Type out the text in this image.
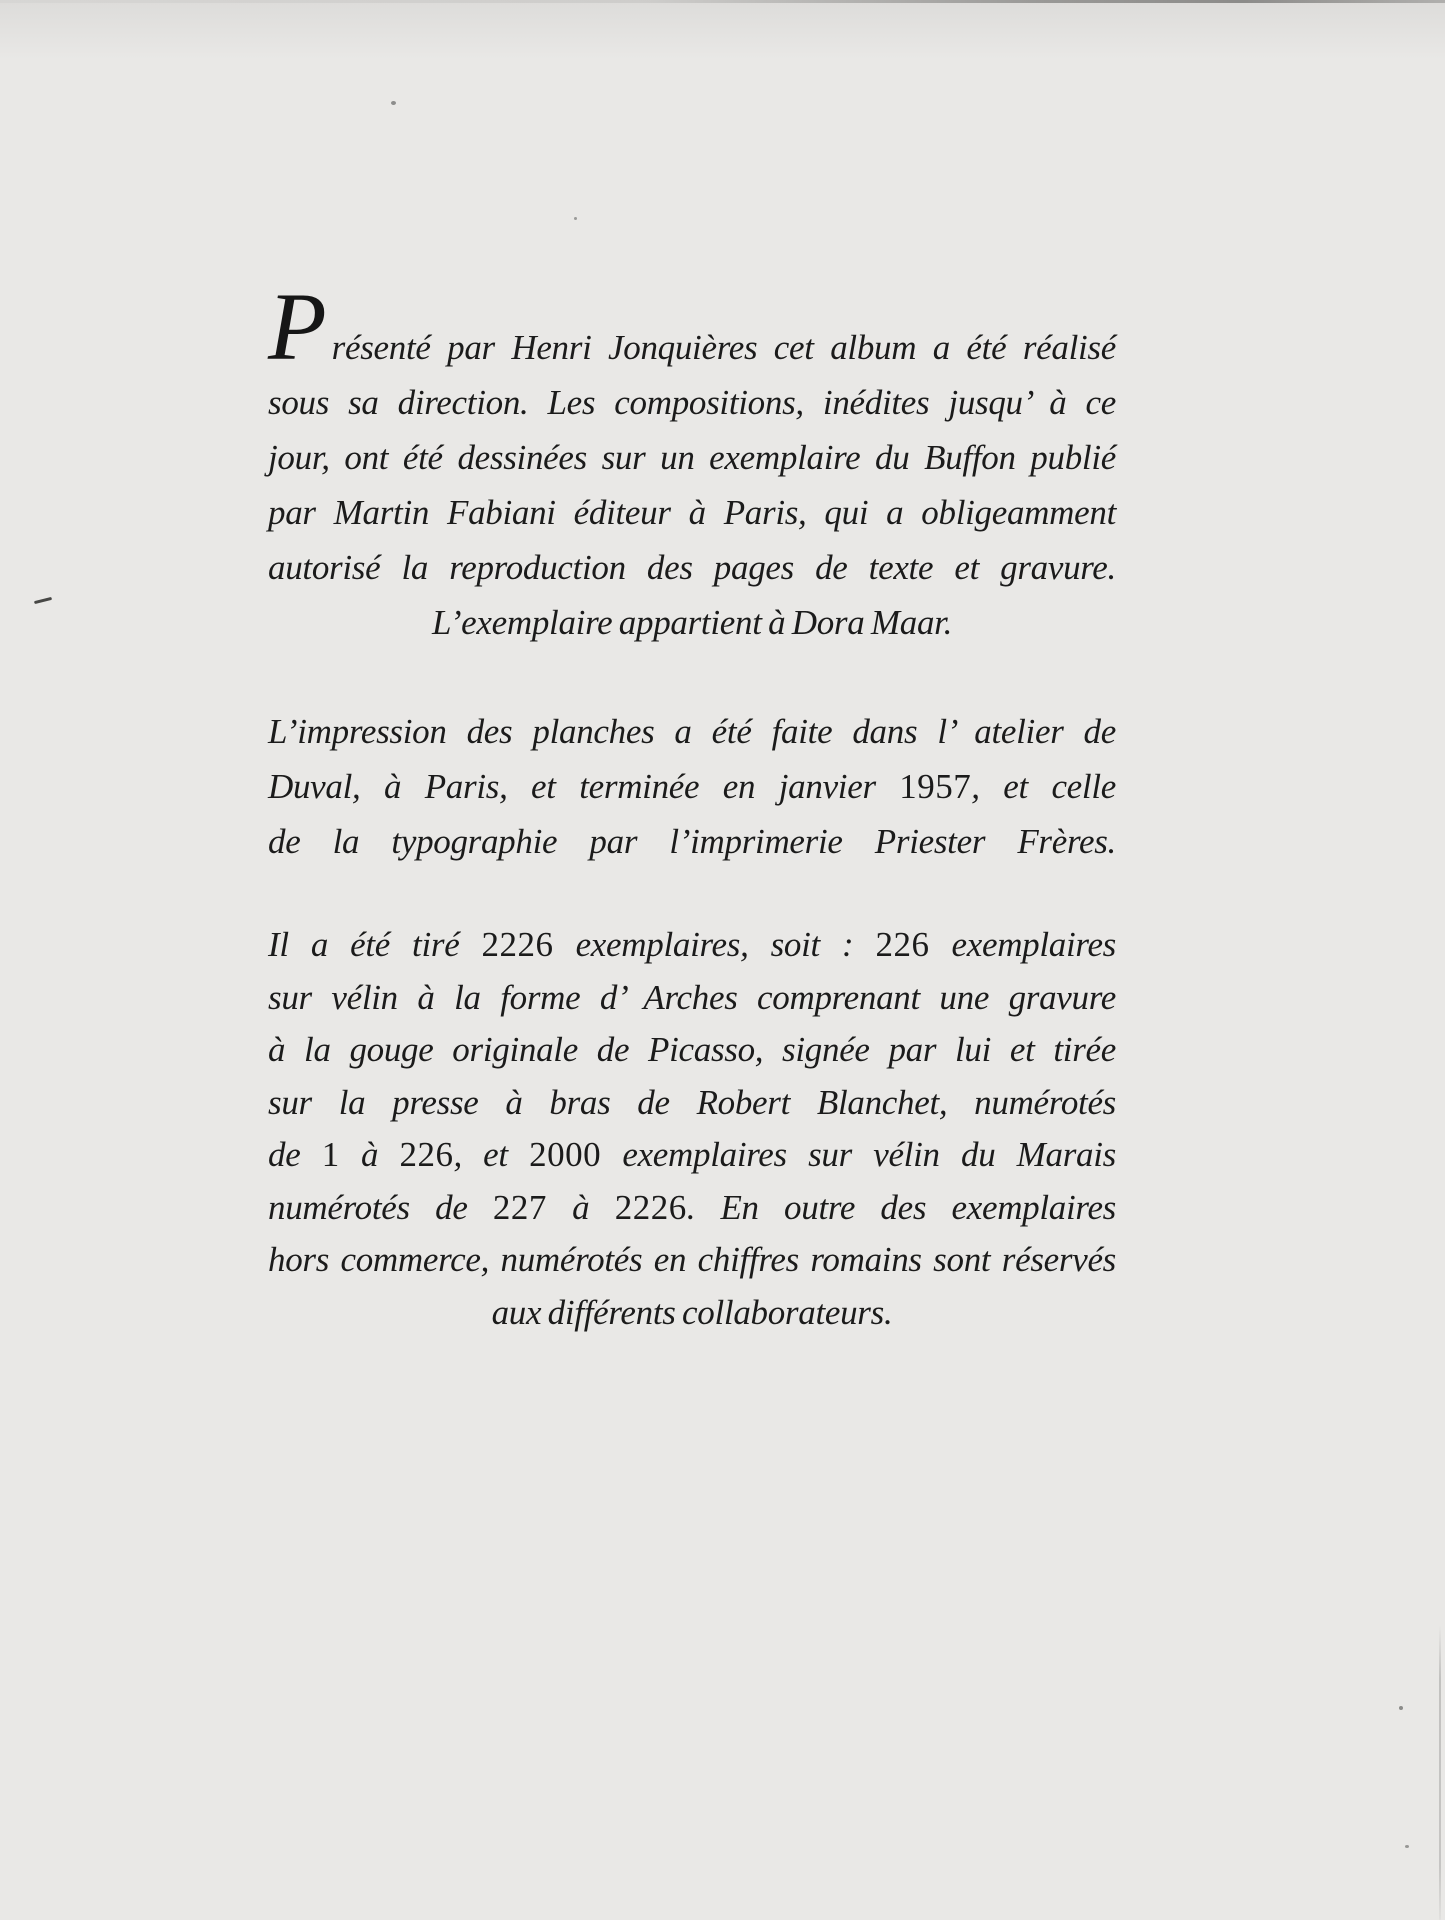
Présenté par Henri Jonquières cet album a été réalisé
sous sa direction. Les compositions, inédites jusqu’ à ce
jour, ont été dessinées sur un exemplaire du Buffon publié
par Martin Fabiani éditeur à Paris, qui a obligeamment
autorisé la reproduction des pages de texte et gravure.
L’exemplaire appartient à Dora Maar.
L’impression des planches a été faite dans l’ atelier de
Duval, à Paris, et terminée en janvier 1957, et celle
de la typographie par l’imprimerie Priester Frères.
Il a été tiré 2226 exemplaires, soit : 226 exemplaires
sur vélin à la forme d’ Arches comprenant une gravure
à la gouge originale de Picasso, signée par lui et tirée
sur la presse à bras de Robert Blanchet, numérotés
de 1 à 226, et 2000 exemplaires sur vélin du Marais
numérotés de 227 à 2226. En outre des exemplaires
hors commerce, numérotés en chiffres romains sont réservés
aux différents collaborateurs.
